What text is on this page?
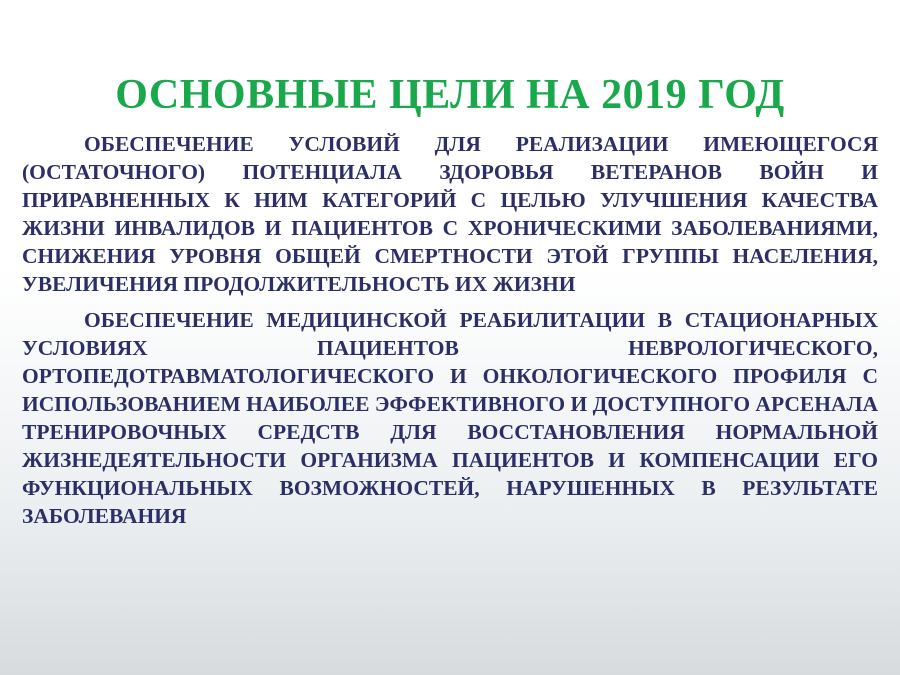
ОСНОВНЫЕ ЦЕЛИ НА 2019 ГОД

ОБЕСПЕЧЕНИЕ УСЛОВИЙ ДЛЯ РЕАЛИЗАЦИИ ИМЕЮЩЕГОСЯ (ОСТАТОЧНОГО) ПОТЕНЦИАЛА ЗДОРОВЬЯ ВЕТЕРАНОВ ВОЙН И ПРИРАВНЕННЫХ К НИМ КАТЕГОРИЙ С ЦЕЛЬЮ УЛУЧШЕНИЯ КАЧЕСТВА ЖИЗНИ ИНВАЛИДОВ И ПАЦИЕНТОВ С ХРОНИЧЕСКИМИ ЗАБОЛЕВАНИЯМИ, СНИЖЕНИЯ УРОВНЯ ОБЩЕЙ СМЕРТНОСТИ ЭТОЙ ГРУППЫ НАСЕЛЕНИЯ, УВЕЛИЧЕНИЯ ПРОДОЛЖИТЕЛЬНОСТЬ ИХ ЖИЗНИ

ОБЕСПЕЧЕНИЕ МЕДИЦИНСКОЙ РЕАБИЛИТАЦИИ В СТАЦИОНАРНЫХ УСЛОВИЯХ ПАЦИЕНТОВ НЕВРОЛОГИЧЕСКОГО, ОРТОПЕДОТРАВМАТОЛОГИЧЕСКОГО И ОНКОЛОГИЧЕСКОГО ПРОФИЛЯ С ИСПОЛЬЗОВАНИЕМ НАИБОЛЕЕ ЭФФЕКТИВНОГО И ДОСТУПНОГО АРСЕНАЛА ТРЕНИРОВОЧНЫХ СРЕДСТВ ДЛЯ ВОССТАНОВЛЕНИЯ НОРМАЛЬНОЙ ЖИЗНЕДЕЯТЕЛЬНОСТИ ОРГАНИЗМА ПАЦИЕНТОВ И КОМПЕНСАЦИИ ЕГО ФУНКЦИОНАЛЬНЫХ ВОЗМОЖНОСТЕЙ, НАРУШЕННЫХ В РЕЗУЛЬТАТЕ ЗАБОЛЕВАНИЯ
